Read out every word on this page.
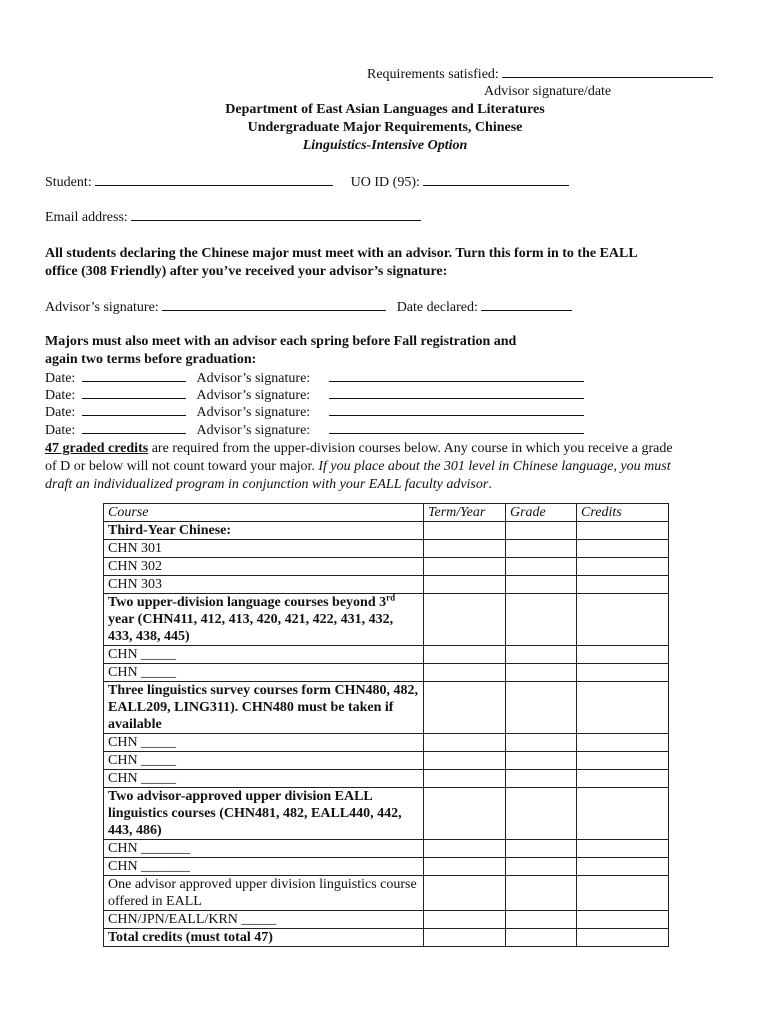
Requirements satisfied:
Advisor signature/date
Department of East Asian Languages and Literatures
Undergraduate Major Requirements, Chinese
Linguistics-Intensive Option
Student:	UO ID (95):
Email address:
All students declaring the Chinese major must meet with an advisor. Turn this form in to the EALL
office (308 Friendly) after you’ve received your advisor’s signature:
Advisor’s signature:	Date declared:
Majors must also meet with an advisor each spring before Fall registration and
again two terms before graduation:
Date:	Advisor’s signature:
Date:	Advisor’s signature:
Date:	Advisor’s signature:
Date:	Advisor’s signature:
47 graded credits are required from the upper-division courses below. Any course in which you receive a grade
of D or below will not count toward your major. If you place about the 301 level in Chinese language, you must
draft an individualized program in conjunction with your EALL faculty advisor.
Course	Term/Year	Grade	Credits
Third-Year Chinese:			
CHN 301			
CHN 302			
CHN 303			
Two upper-division language courses beyond 3rd year (CHN411, 412, 413, 420, 421, 422, 431, 432, 433, 438, 445)			
CHN _____			
CHN _____			
Three linguistics survey courses form CHN480, 482, EALL209, LING311). CHN480 must be taken if available			
CHN _____			
CHN _____			
CHN _____			
Two advisor-approved upper division EALL linguistics courses (CHN481, 482, EALL440, 442, 443, 486)			
CHN _______			
CHN _______			
One advisor approved upper division linguistics course offered in EALL			
CHN/JPN/EALL/KRN _____			
Total credits (must total 47)			
